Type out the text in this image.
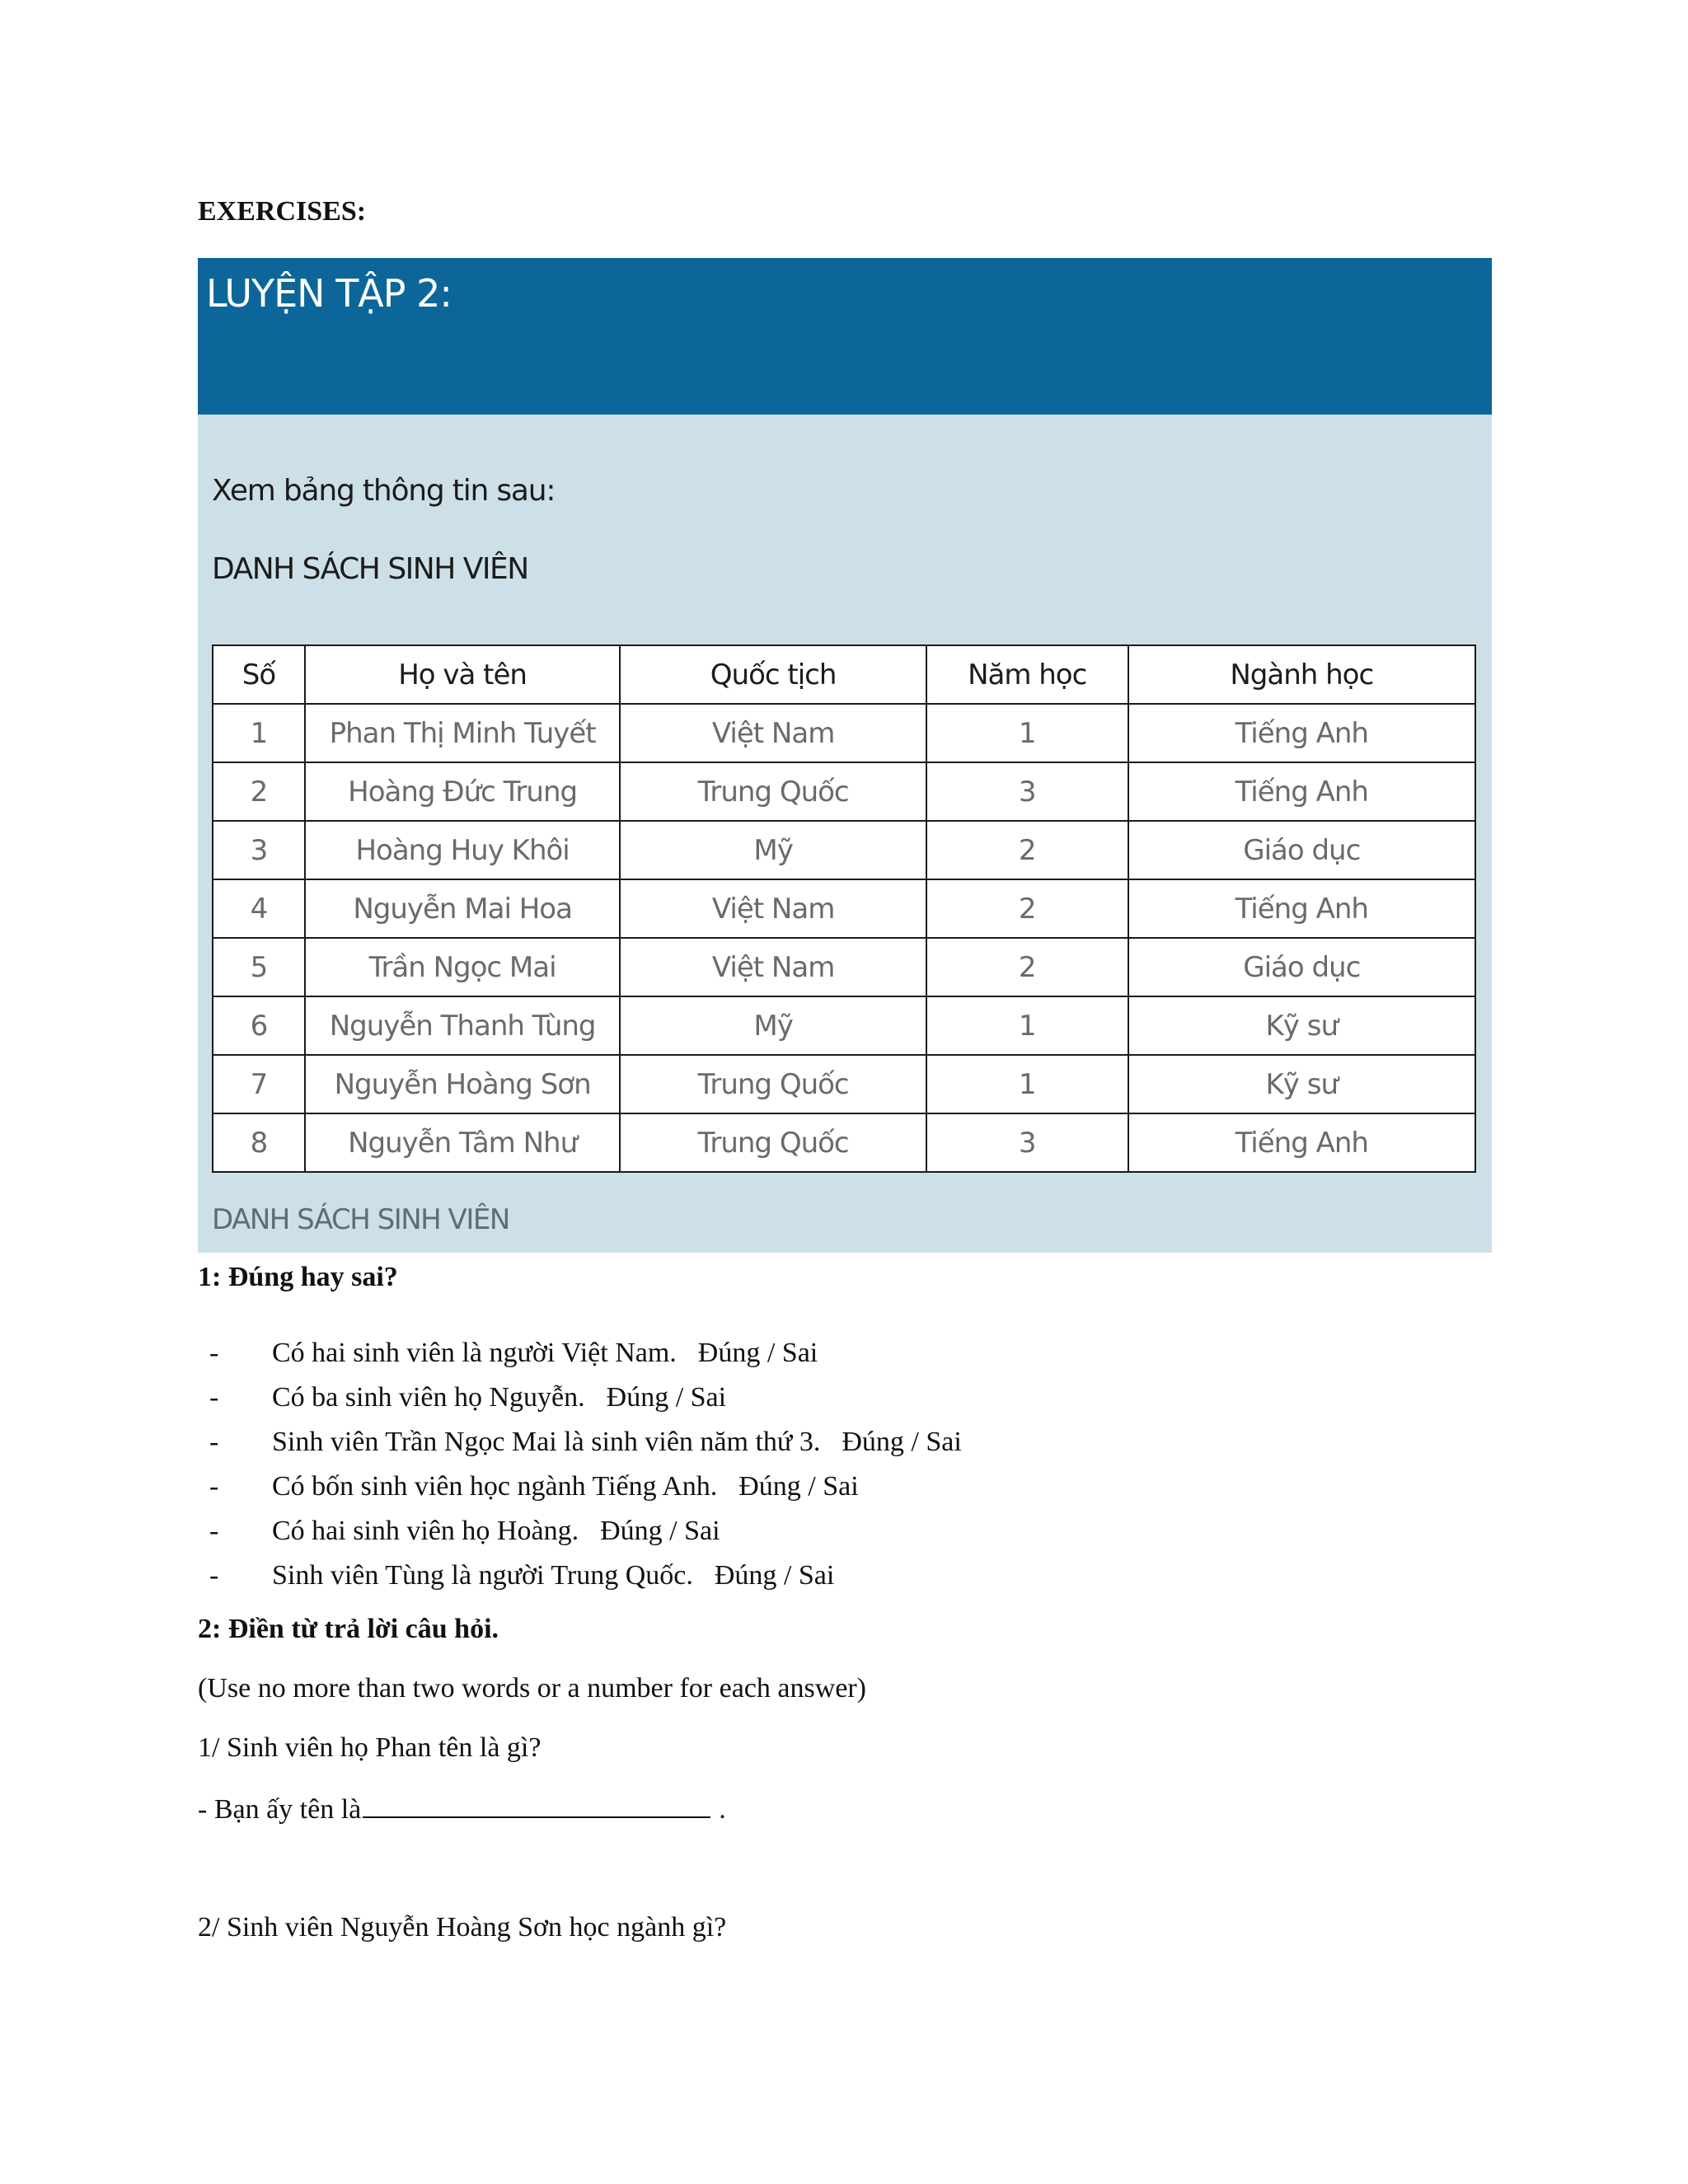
EXERCISES:
LUYỆN TẬP 2:

Xem bảng thông tin sau:

DANH SÁCH SINH VIÊN

Số	Họ và tên	Quốc tịch	Năm học	Ngành học
1	Phan Thị Minh Tuyết	Việt Nam	1	Tiếng Anh
2	Hoàng Đức Trung	Trung Quốc	3	Tiếng Anh
3	Hoàng Huy Khôi	Mỹ	2	Giáo dục
4	Nguyễn Mai Hoa	Việt Nam	2	Tiếng Anh
5	Trần Ngọc Mai	Việt Nam	2	Giáo dục
6	Nguyễn Thanh Tùng	Mỹ	1	Kỹ sư
7	Nguyễn Hoàng Sơn	Trung Quốc	1	Kỹ sư
8	Nguyễn Tâm Như	Trung Quốc	3	Tiếng Anh

DANH SÁCH SINH VIÊN

1: Đúng hay sai?
- Có hai sinh viên là người Việt Nam. Đúng / Sai
- Có ba sinh viên họ Nguyễn. Đúng / Sai
- Sinh viên Trần Ngọc Mai là sinh viên năm thứ 3. Đúng / Sai
- Có bốn sinh viên học ngành Tiếng Anh. Đúng / Sai
- Có hai sinh viên họ Hoàng. Đúng / Sai
- Sinh viên Tùng là người Trung Quốc. Đúng / Sai
2: Điền từ trả lời câu hỏi.

(Use no more than two words or a number for each answer)

1/ Sinh viên họ Phan tên là gì?

- Bạn ấy tên là	.

2/ Sinh viên Nguyễn Hoàng Sơn học ngành gì?
